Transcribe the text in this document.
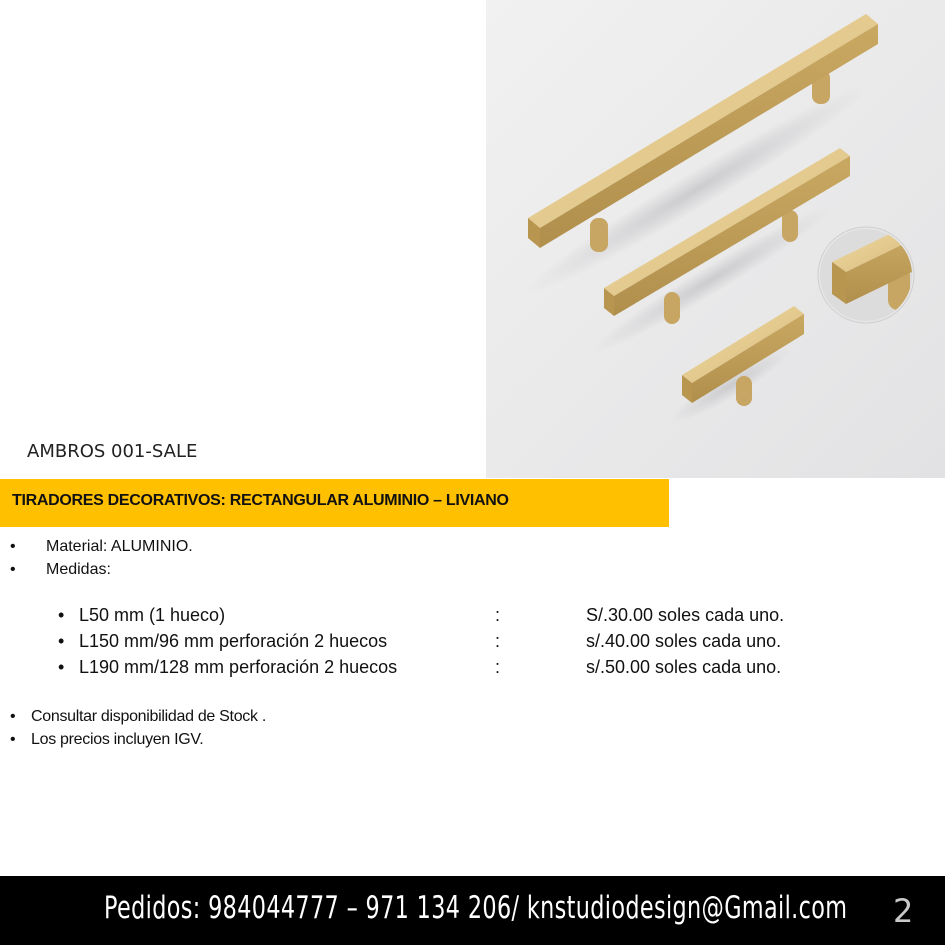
AMBROS 001-SALE
TIRADORES DECORATIVOS: RECTANGULAR ALUMINIO – LIVIANO
• Material: ALUMINIO.
• Medidas:
• L50 mm (1 hueco)	:	S/.30.00 soles cada uno.
• L150 mm/96 mm perforación 2 huecos	:	s/.40.00 soles cada uno.
• L190 mm/128 mm perforación 2 huecos	:	s/.50.00 soles cada uno.
• Consultar disponibilidad de Stock .
• Los precios incluyen IGV.
Pedidos: 984044777 – 971 134 206/ knstudiodesign@Gmail.com 2
